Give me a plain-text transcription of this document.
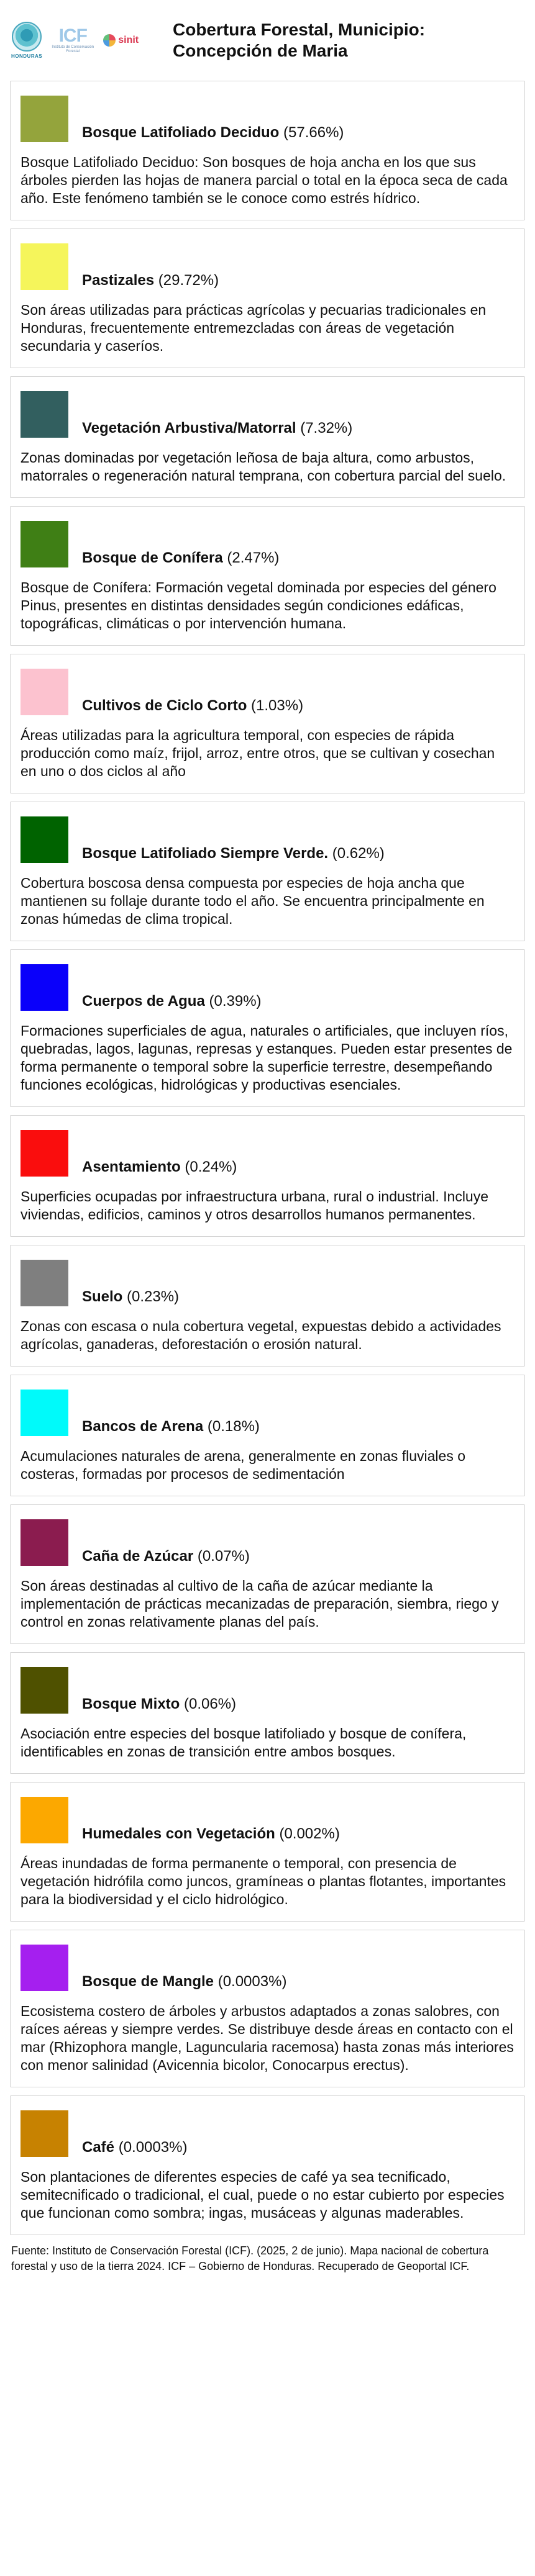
HONDURAS
ICF
Instituto de Conservación Forestal
sinit
Cobertura Forestal, Municipio: Concepción de Maria
Bosque Latifoliado Deciduo (57.66%)
Bosque Latifoliado Deciduo: Son bosques de hoja ancha en los que sus árboles pierden las hojas de manera parcial o total en la época seca de cada año. Este fenómeno también se le conoce como estrés hídrico.
Pastizales (29.72%)
Son áreas utilizadas para prácticas agrícolas y pecuarias tradicionales en Honduras, frecuentemente entremezcladas con áreas de vegetación secundaria y caseríos.
Vegetación Arbustiva/Matorral (7.32%)
Zonas dominadas por vegetación leñosa de baja altura, como arbustos, matorrales o regeneración natural temprana, con cobertura parcial del suelo.
Bosque de Conífera (2.47%)
Bosque de Conífera: Formación vegetal dominada por especies del género Pinus, presentes en distintas densidades según condiciones edáficas, topográficas, climáticas o por intervención humana.
Cultivos de Ciclo Corto (1.03%)
Áreas utilizadas para la agricultura temporal, con especies de rápida producción como maíz, frijol, arroz, entre otros, que se cultivan y cosechan en uno o dos ciclos al año
Bosque Latifoliado Siempre Verde. (0.62%)
Cobertura boscosa densa compuesta por especies de hoja ancha que mantienen su follaje durante todo el año. Se encuentra principalmente en zonas húmedas de clima tropical.
Cuerpos de Agua (0.39%)
Formaciones superficiales de agua, naturales o artificiales, que incluyen ríos, quebradas, lagos, lagunas, represas y estanques. Pueden estar presentes de forma permanente o temporal sobre la superficie terrestre, desempeñando funciones ecológicas, hidrológicas y productivas esenciales.
Asentamiento (0.24%)
Superficies ocupadas por infraestructura urbana, rural o industrial. Incluye viviendas, edificios, caminos y otros desarrollos humanos permanentes.
Suelo (0.23%)
Zonas con escasa o nula cobertura vegetal, expuestas debido a actividades agrícolas, ganaderas, deforestación o erosión natural.
Bancos de Arena (0.18%)
Acumulaciones naturales de arena, generalmente en zonas fluviales o costeras, formadas por procesos de sedimentación
Caña de Azúcar (0.07%)
Son áreas destinadas al cultivo de la caña de azúcar mediante la implementación de prácticas mecanizadas de preparación, siembra, riego y control en zonas relativamente planas del país.
Bosque Mixto (0.06%)
Asociación entre especies del bosque latifoliado y bosque de conífera, identificables en zonas de transición entre ambos bosques.
Humedales con Vegetación (0.002%)
Áreas inundadas de forma permanente o temporal, con presencia de vegetación hidrófila como juncos, gramíneas o plantas flotantes, importantes para la biodiversidad y el ciclo hidrológico.
Bosque de Mangle (0.0003%)
Ecosistema costero de árboles y arbustos adaptados a zonas salobres, con raíces aéreas y siempre verdes. Se distribuye desde áreas en contacto con el mar (Rhizophora mangle, Laguncularia racemosa) hasta zonas más interiores con menor salinidad (Avicennia bicolor, Conocarpus erectus).
Café (0.0003%)
Son plantaciones de diferentes especies de café ya sea tecnificado, semitecnificado o tradicional, el cual, puede o no estar cubierto por especies que funcionan como sombra; ingas, musáceas y algunas maderables.
Fuente: Instituto de Conservación Forestal (ICF). (2025, 2 de junio). Mapa nacional de cobertura forestal y uso de la tierra 2024. ICF – Gobierno de Honduras. Recuperado de Geoportal ICF.
